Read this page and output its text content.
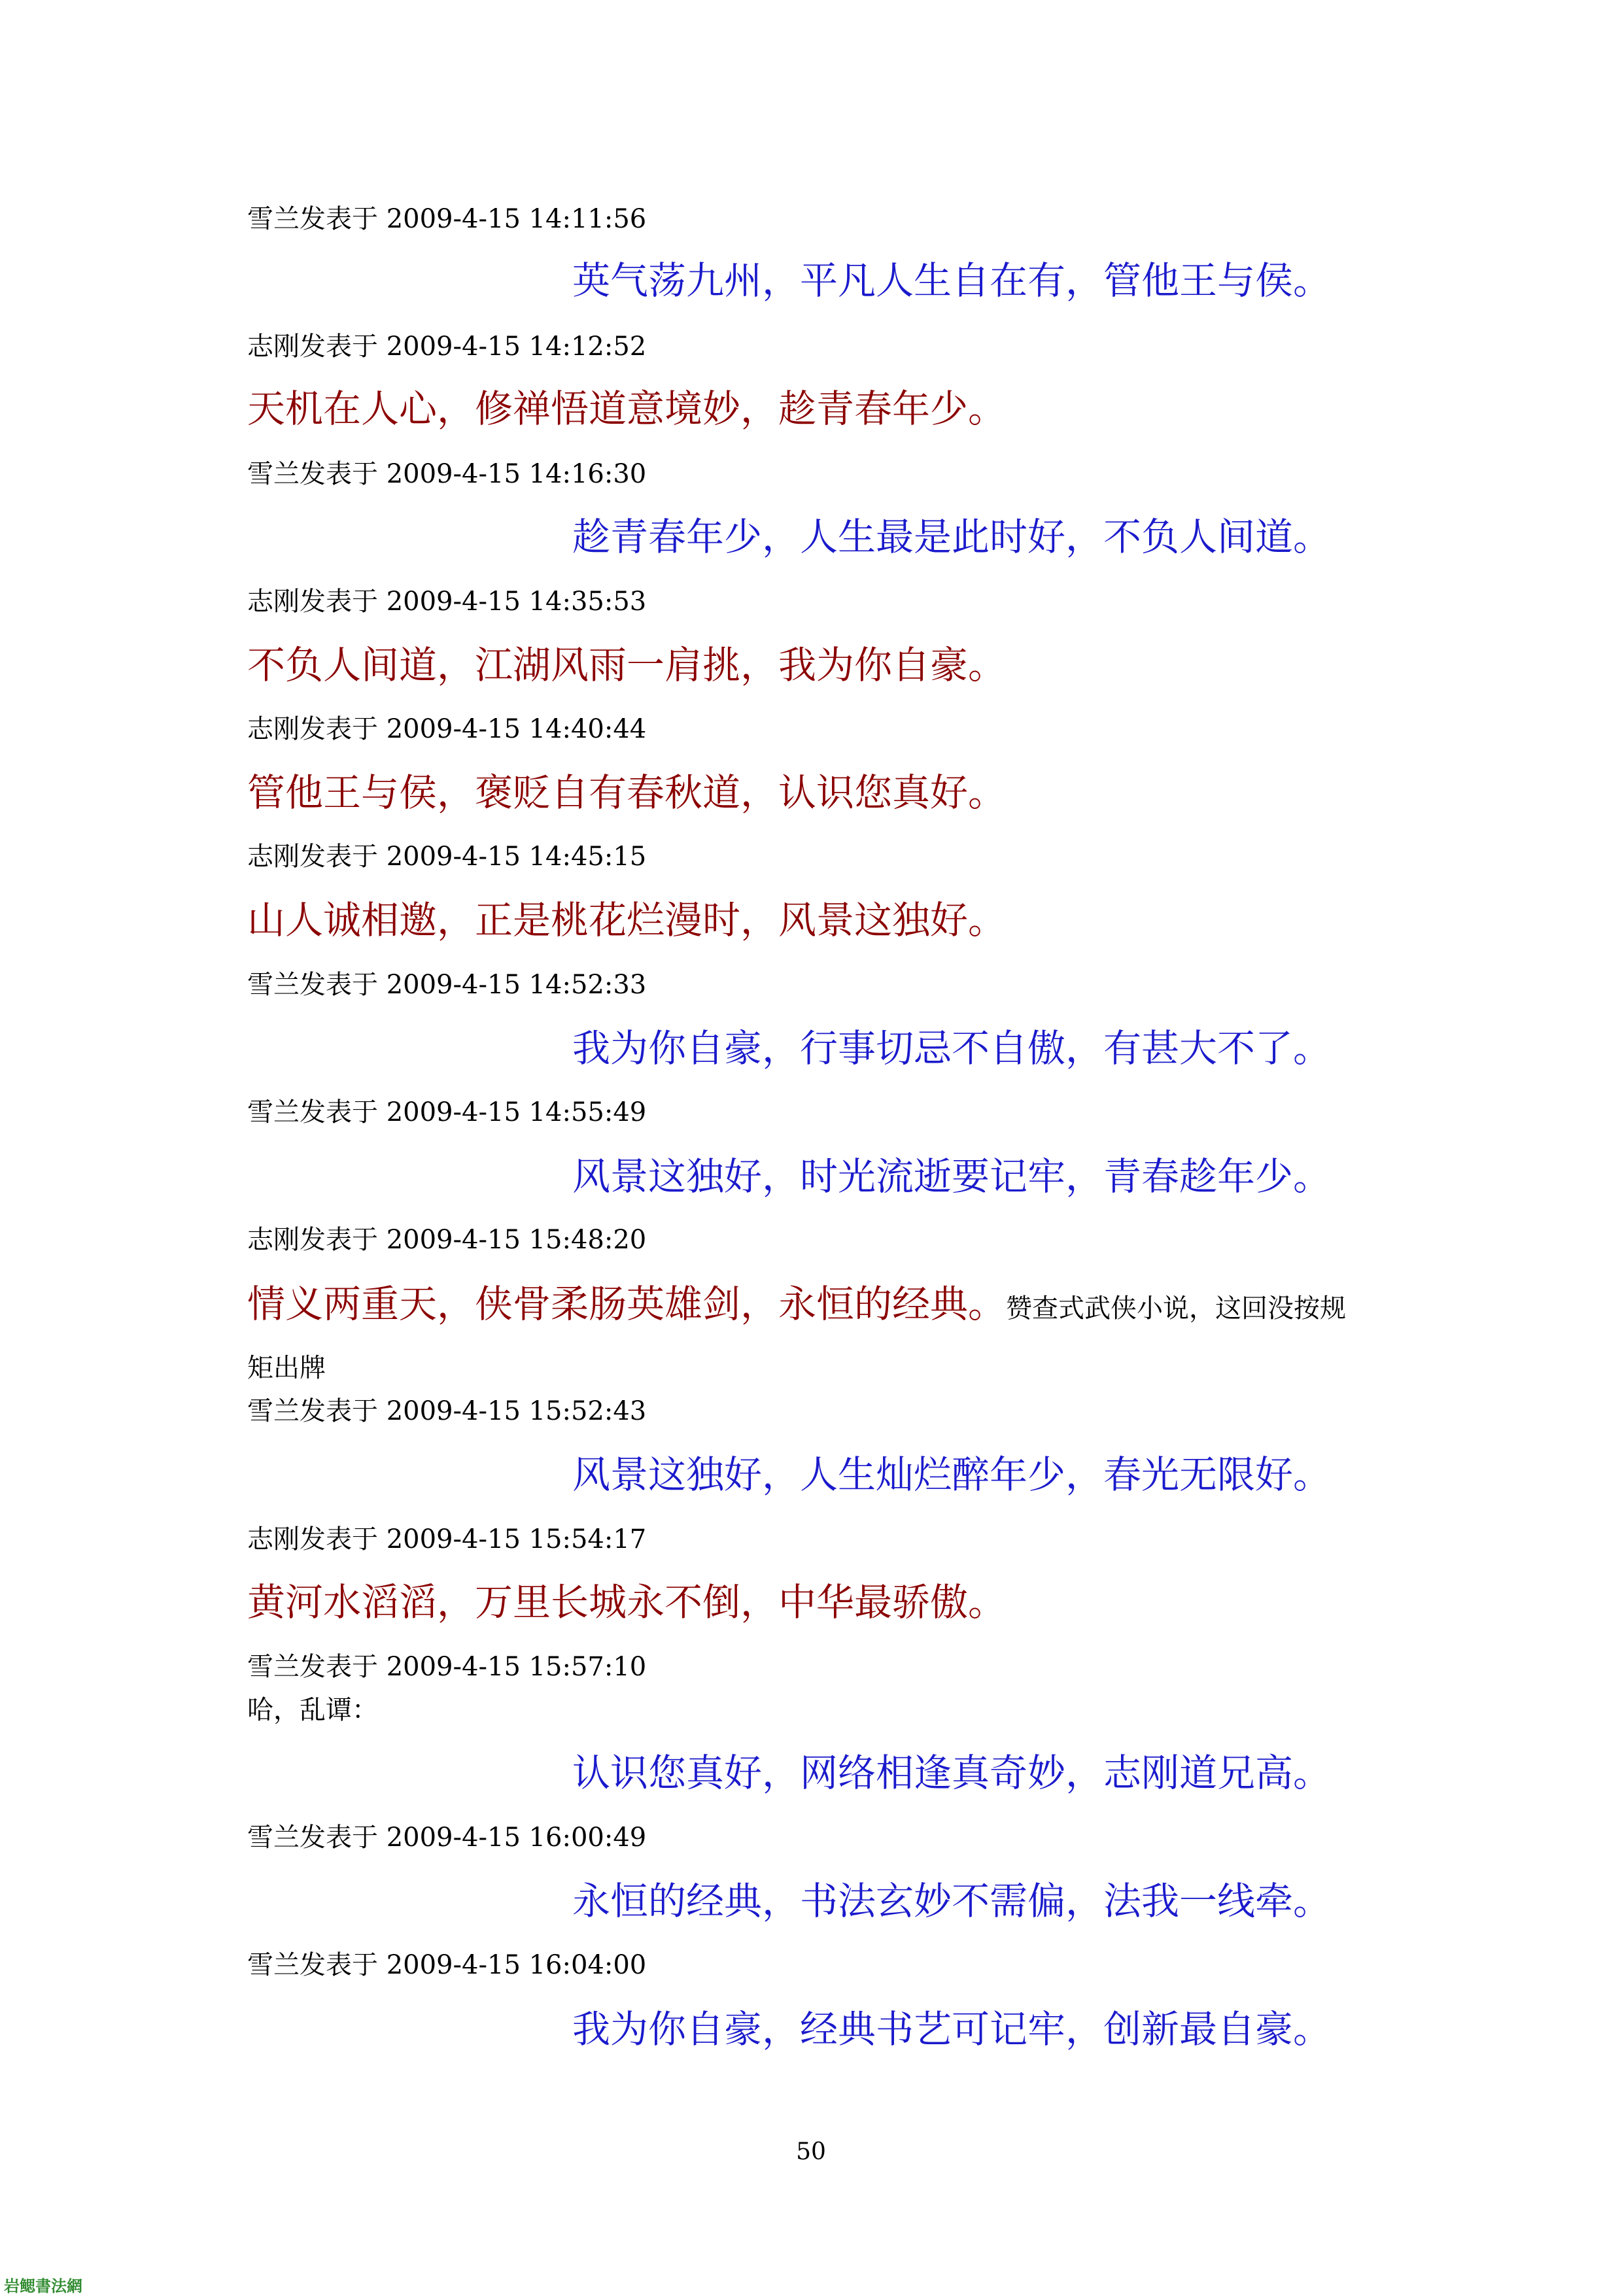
雪兰发表于 2009-4-15 14:11:56
英气荡九州，平凡人生自在有，管他王与侯。
志刚发表于 2009-4-15 14:12:52
天机在人心，修禅悟道意境妙，趁青春年少。
雪兰发表于 2009-4-15 14:16:30
趁青春年少，人生最是此时好，不负人间道。
志刚发表于 2009-4-15 14:35:53
不负人间道，江湖风雨一肩挑，我为你自豪。
志刚发表于 2009-4-15 14:40:44
管他王与侯，褒贬自有春秋道，认识您真好。
志刚发表于 2009-4-15 14:45:15
山人诚相邀，正是桃花烂漫时，风景这独好。
雪兰发表于 2009-4-15 14:52:33
我为你自豪，行事切忌不自傲，有甚大不了。
雪兰发表于 2009-4-15 14:55:49
风景这独好，时光流逝要记牢，青春趁年少。
志刚发表于 2009-4-15 15:48:20
情义两重天，侠骨柔肠英雄剑，永恒的经典。赞查式武侠小说，这回没按规
矩出牌
雪兰发表于 2009-4-15 15:52:43
风景这独好，人生灿烂醉年少，春光无限好。
志刚发表于 2009-4-15 15:54:17
黄河水滔滔，万里长城永不倒，中华最骄傲。
雪兰发表于 2009-4-15 15:57:10
哈，乱谭：
认识您真好，网络相逢真奇妙，志刚道兄高。
雪兰发表于 2009-4-15 16:00:49
永恒的经典，书法玄妙不需偏，法我一线牵。
雪兰发表于 2009-4-15 16:04:00
我为你自豪，经典书艺可记牢，创新最自豪。
50
岩鳃書法網
